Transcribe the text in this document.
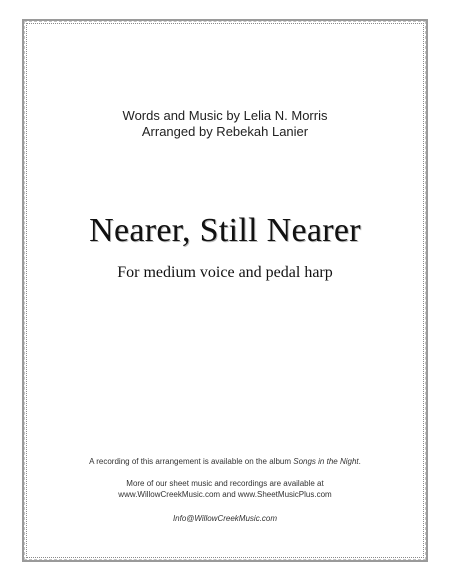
Words and Music by Lelia N. Morris
Arranged by Rebekah Lanier
Nearer, Still Nearer
For medium voice and pedal harp
A recording of this arrangement is available on the album Songs in the Night.
More of our sheet music and recordings are available at
www.WillowCreekMusic.com and www.SheetMusicPlus.com
Info@WillowCreekMusic.com
